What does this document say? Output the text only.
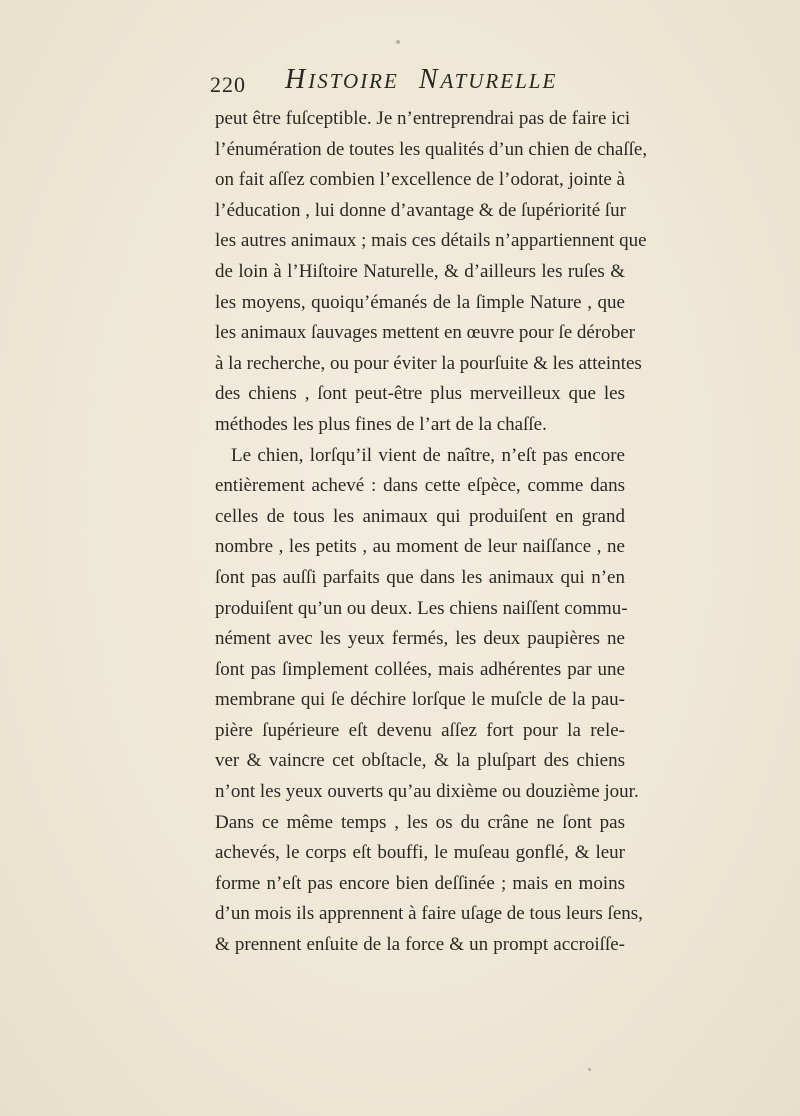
220 HISTOIRE NATURELLE
peut être fuſceptible. Je n’entreprendrai pas de faire ici
l’énumération de toutes les qualités d’un chien de chaſſe,
on fait aſſez combien l’excellence de l’odorat, jointe à
l’éducation , lui donne d’avantage & de ſupériorité ſur
les autres animaux ; mais ces détails n’appartiennent que
de loin à l’Hiſtoire Naturelle, & d’ailleurs les ruſes &
les moyens, quoiqu’émanés de la ſimple Nature , que
les animaux ſauvages mettent en œuvre pour ſe dérober
à la recherche, ou pour éviter la pourſuite & les atteintes
des chiens , ſont peut-être plus merveilleux que les
méthodes les plus fines de l’art de la chaſſe.
Le chien, lorſqu’il vient de naître, n’eſt pas encore
entièrement achevé : dans cette eſpèce, comme dans
celles de tous les animaux qui produiſent en grand
nombre , les petits , au moment de leur naiſſance , ne
ſont pas auſſi parfaits que dans les animaux qui n’en
produiſent qu’un ou deux. Les chiens naiſſent commu-
nément avec les yeux fermés, les deux paupières ne
ſont pas ſimplement collées, mais adhérentes par une
membrane qui ſe déchire lorſque le muſcle de la pau-
pière ſupérieure eſt devenu aſſez fort pour la rele-
ver & vaincre cet obſtacle, & la pluſpart des chiens
n’ont les yeux ouverts qu’au dixième ou douzième jour.
Dans ce même temps , les os du crâne ne ſont pas
achevés, le corps eſt bouffi, le muſeau gonflé, & leur
forme n’eſt pas encore bien deſſinée ; mais en moins
d’un mois ils apprennent à faire uſage de tous leurs ſens,
& prennent enſuite de la force & un prompt accroiſſe-
